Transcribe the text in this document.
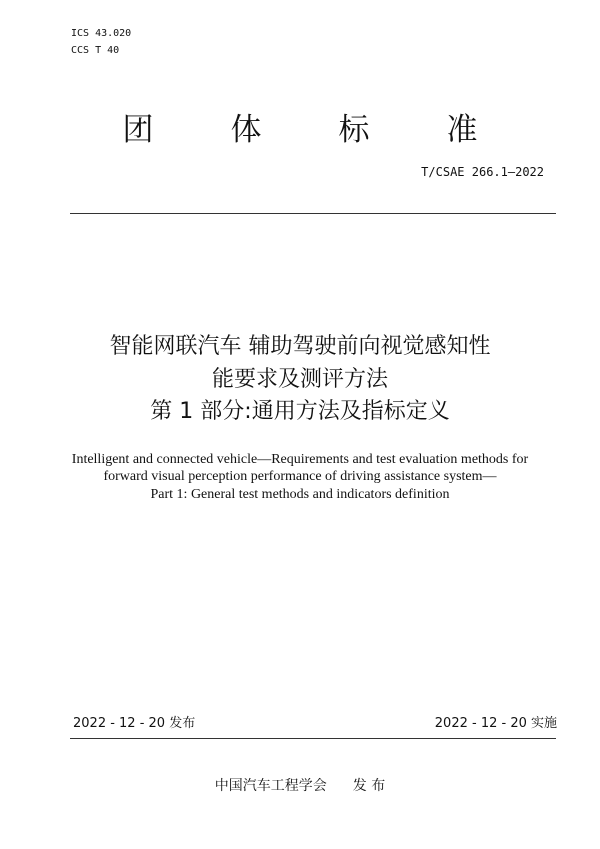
ICS 43.020
CCS T 40
团 体 标 准
T/CSAE 266.1—2022
智能网联汽车 辅助驾驶前向视觉感知性
能要求及测评方法
第 1 部分:通用方法及指标定义
Intelligent and connected vehicle—Requirements and test evaluation methods for
forward visual perception performance of driving assistance system—
Part 1: General test methods and indicators definition
2022 - 12 - 20 发布	2022 - 12 - 20 实施
中国汽车工程学会 发 布
